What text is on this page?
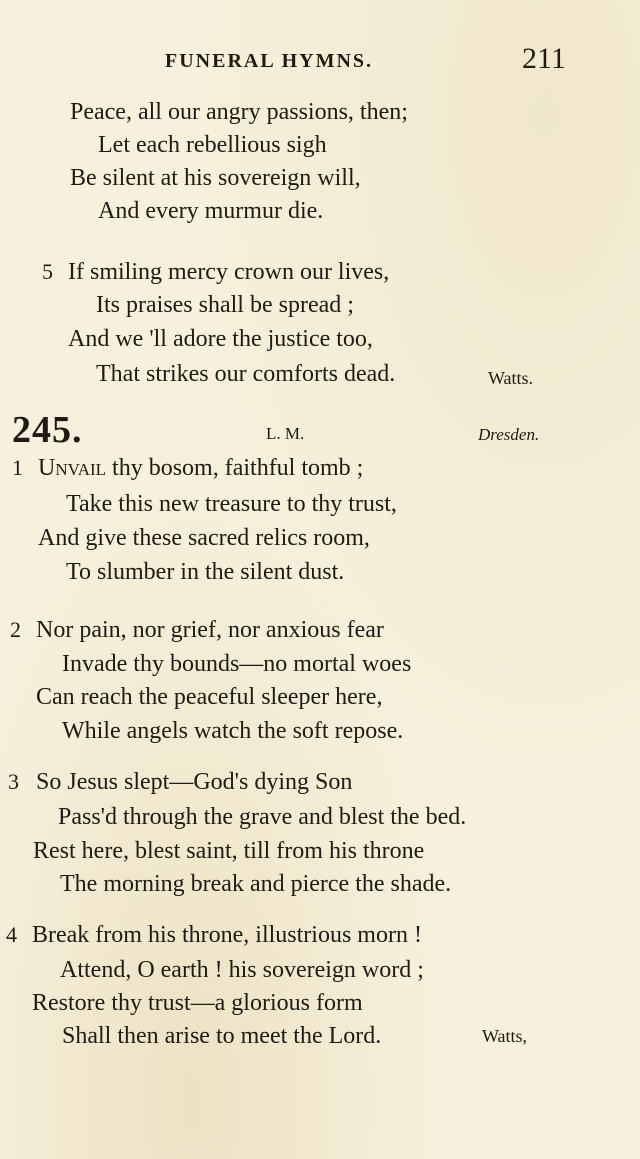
FUNERAL HYMNS.	211
Peace, all our angry passions, then;
Let each rebellious sigh
Be silent at his sovereign will,
And every murmur die.
5 If smiling mercy crown our lives,
Its praises shall be spread ;
And we 'll adore the justice too,
That strikes our comforts dead.	Watts.
245.	L. M.	Dresden.
1 Unvail thy bosom, faithful tomb ;
Take this new treasure to thy trust,
And give these sacred relics room,
To slumber in the silent dust.
2 Nor pain, nor grief, nor anxious fear
Invade thy bounds—no mortal woes
Can reach the peaceful sleeper here,
While angels watch the soft repose.
3 So Jesus slept—God's dying Son
Pass'd through the grave and blest the bed.
Rest here, blest saint, till from his throne
The morning break and pierce the shade.
4 Break from his throne, illustrious morn !
Attend, O earth ! his sovereign word ;
Restore thy trust—a glorious form
Shall then arise to meet the Lord.	Watts,
